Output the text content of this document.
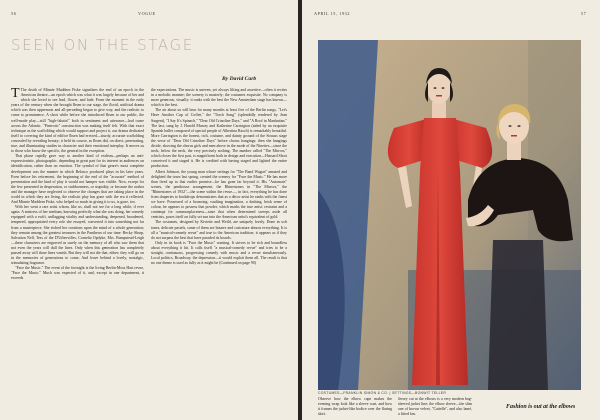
56	VOGUE
SEEN ON THE STAGE
By David Carb

T The death of Minnie Maddern Fiske signalizes the end of an epoch in the American theatre—an epoch which was what it was largely because of her and which she loved to see lead, flower, and fade. From the moment in the early years of the century when she brought Ibsen to our stage, the florid, artificial drama which was then uppermost and all-pervading began to give way, and the realistic to come to prominence. A short while before she introduced Ibsen to our public, the well-made play—still "high-falutin'" both in sentiment and utterance—had come across the Atlantic. "Pinerotic" construction was making itself felt. With that exact technique as the scaffolding which would support and project it, our drama dedicated itself to covering the kind of edifice Ibsen had erected—sturdy, accurate scaffolding concealed by revealing beauty; it held its course, as Ibsen did, on direct, penetrating, true, and illuminating studies in character and their emotional interplay. It moves us to those who know the specific, the general in the exception.

That phase rapidly gave way to another kind of realism—perhaps an anti-expressionistic, photographic, depending in great part for its interest in audiences on identification, rather than on emotion. The symbol of that genre's most complete development was the manner in which Belasco produced plays in his later years. Even before his retirement, the beginning of the end of the "accurate" method of presentation and the kind of play it would not hamper was visible. Now, except for the few presented in desperation, or stubbornness, or stupidity, or because the author and the manager have neglected to observe the changes that are taking place in the world in which they are living, the realistic play has gone with the era it reflected. And Minnie Maddern Fiske, who helped so much in giving it to us, is gone, too.

With her went a rare artist whom, like us, shall not see for a long while, if ever again. A mistress of her medium, knowing perfectly what she was doing, her comedy equipped with a swift, unflagging vitality and understanding, deepened, broadened, tempered, appropriated every role she essayed, converted it into something not far from a masterpiece. She etched her creations upon the mind of a whole generation; they remain among the greatest treasures in the Pantheon of our time: Becky Sharp, Salvation Nell, Tess of the D'Urbervilles, Cornelia Opdyke, Mrs. Bumpstead-Leigh—these characters are engraved as surely on the memory of all who saw them that not even the years will dull the lines. Only when this generation has completely passed away will those lines vanish. But they will not die that, either; they will go on in the memories of generations to come, And leave behind a lovely, nostalgic, stimulating fragrance.

"Face the Music." The event of the fortnight is the Irving Berlin-Moss Hart revue, "Face the Music." Much was expected of it, and, except in one department, it exceeds

the expectations. The music is uneven, yet always lilting and assertive—often it recites in a melodic manner; the scenery is masterly; the costumes exquisite. No company is more generous, visually: it ranks with the best the New Amsterdam stage has known—which is the best.

The air about us will bear for many months at least five of the Berlin songs, "Let's Have Another Cup of Coffee," the "Torch Song" (splendidly rendered by Jean Sargent), "I Say It's Spinach," "Dear Old Crinoline Days," and "A Roof in Manhattan." The last, sung by J. Harold Murray and Katherine Carrington (aided by an exquisite Spanish ballet composed of special people of Albertina Rasch) is remarkably beautiful. More Carrington is the honest, rich, costume, and dainty ground of the Strauss stage the verse of "Dear Old Crinoline Days" before chorus hangings; then she hangings divide, showing the chorus girls and men above in the mode of the Nineties—since the neck; below the neck, the very precisely nothing. The number called "The Mirrors," which closes the first part, is magnificent both in design and execution—Hassard Short conceived it and staged it. He is credited with having staged and lighted the entire production.

Albert Johnson, the young man whose settings for "The Band Wagon" amazed and delighted the town last spring, created the scenery for "Face the Music." He has more than lived up to that earlier promise—he has gone far beyond it. His "Automats" scenes, the penthouse arrangement, the Rhinestones in "The Mirrors," the "Rhinestones of 1932"—the scene within the revue—, in fact, everything he has done from draperies to backdrops demonstrates that as a décor artist he ranks with the finest we have. Possessed of a bouncing, vaulting imagination, a dashing, brisk sense of colour, he appears to possess that powder, which marks the true artist: restraint and a contempt for commonplaceness—taste that when determined sweeps aside all centrists, poses itself on fully set sun into the American artist's equivalent of gold.

The costumes, designed by Kiviette and Weild, are uniquely lovely. Done in soft tones, delicate pastels, some of them are bizarre and caricature almost everything. It is all a "musical-comedy revue" and true to the American tradition; it appears as if they do not surpass the best that have paraded its boards.

Only in its book is "Face the Music" wanting. It strives to be rich and boundless about everything it hit. It calls itself "a musical-comedy revue" and tries to be a straight, continuous, progressing comedy with music and a revue simultaneously. Local politics, Broadway, the depression—it would exploit them all. The result is that no one theme is used as fully as it might be (Continued on page 90)

APRIL 15, 1932	57
COSTUMES—FRANKLIN SIMON & CO. | SETTINGS—BONWIT TELLER
Observe how the elbow cape makes the evening wrap look like a sleeve coat, and how it frames the jacket-like bodice over the flaring skirt.
Jersey cut at the elbows is a very modern bag-sleeved jacket line; the elbow sleeve—the slim one of brown velvet, "Cattelle", and also lamé, a fitted fan.
Fashion is out at the elbows
